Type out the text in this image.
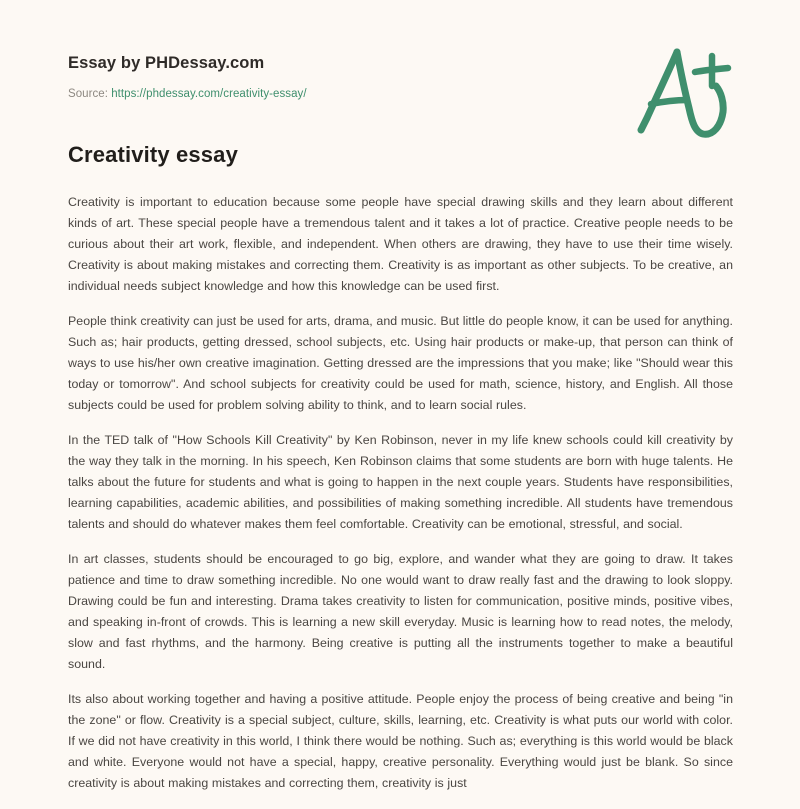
Essay by PHDessay.com
Source: https://phdessay.com/creativity-essay/
Creativity essay

Creativity is important to education because some people have special drawing skills and they learn about different kinds of art. These special people have a tremendous talent and it takes a lot of practice. Creative people needs to be curious about their art work, flexible, and independent. When others are drawing, they have to use their time wisely. Creativity is about making mistakes and correcting them. Creativity is as important as other subjects. To be creative, an individual needs subject knowledge and how this knowledge can be used first.

People think creativity can just be used for arts, drama, and music. But little do people know, it can be used for anything. Such as; hair products, getting dressed, school subjects, etc. Using hair products or make-up, that person can think of ways to use his/her own creative imagination. Getting dressed are the impressions that you make; like "Should wear this today or tomorrow". And school subjects for creativity could be used for math, science, history, and English. All those subjects could be used for problem solving ability to think, and to learn social rules.

In the TED talk of "How Schools Kill Creativity" by Ken Robinson, never in my life knew schools could kill creativity by the way they talk in the morning. In his speech, Ken Robinson claims that some students are born with huge talents. He talks about the future for students and what is going to happen in the next couple years. Students have responsibilities, learning capabilities, academic abilities, and possibilities of making something incredible. All students have tremendous talents and should do whatever makes them feel comfortable. Creativity can be emotional, stressful, and social.

In art classes, students should be encouraged to go big, explore, and wander what they are going to draw. It takes patience and time to draw something incredible. No one would want to draw really fast and the drawing to look sloppy. Drawing could be fun and interesting. Drama takes creativity to listen for communication, positive minds, positive vibes, and speaking in-front of crowds. This is learning a new skill everyday. Music is learning how to read notes, the melody, slow and fast rhythms, and the harmony. Being creative is putting all the instruments together to make a beautiful sound.

Its also about working together and having a positive attitude. People enjoy the process of being creative and being "in the zone" or flow. Creativity is a special subject, culture, skills, learning, etc. Creativity is what puts our world with color. If we did not have creativity in this world, I think there would be nothing. Such as; everything is this world would be black and white. Everyone would not have a special, happy, creative personality. Everything would just be blank. So since creativity is about making mistakes and correcting them, creativity is just
